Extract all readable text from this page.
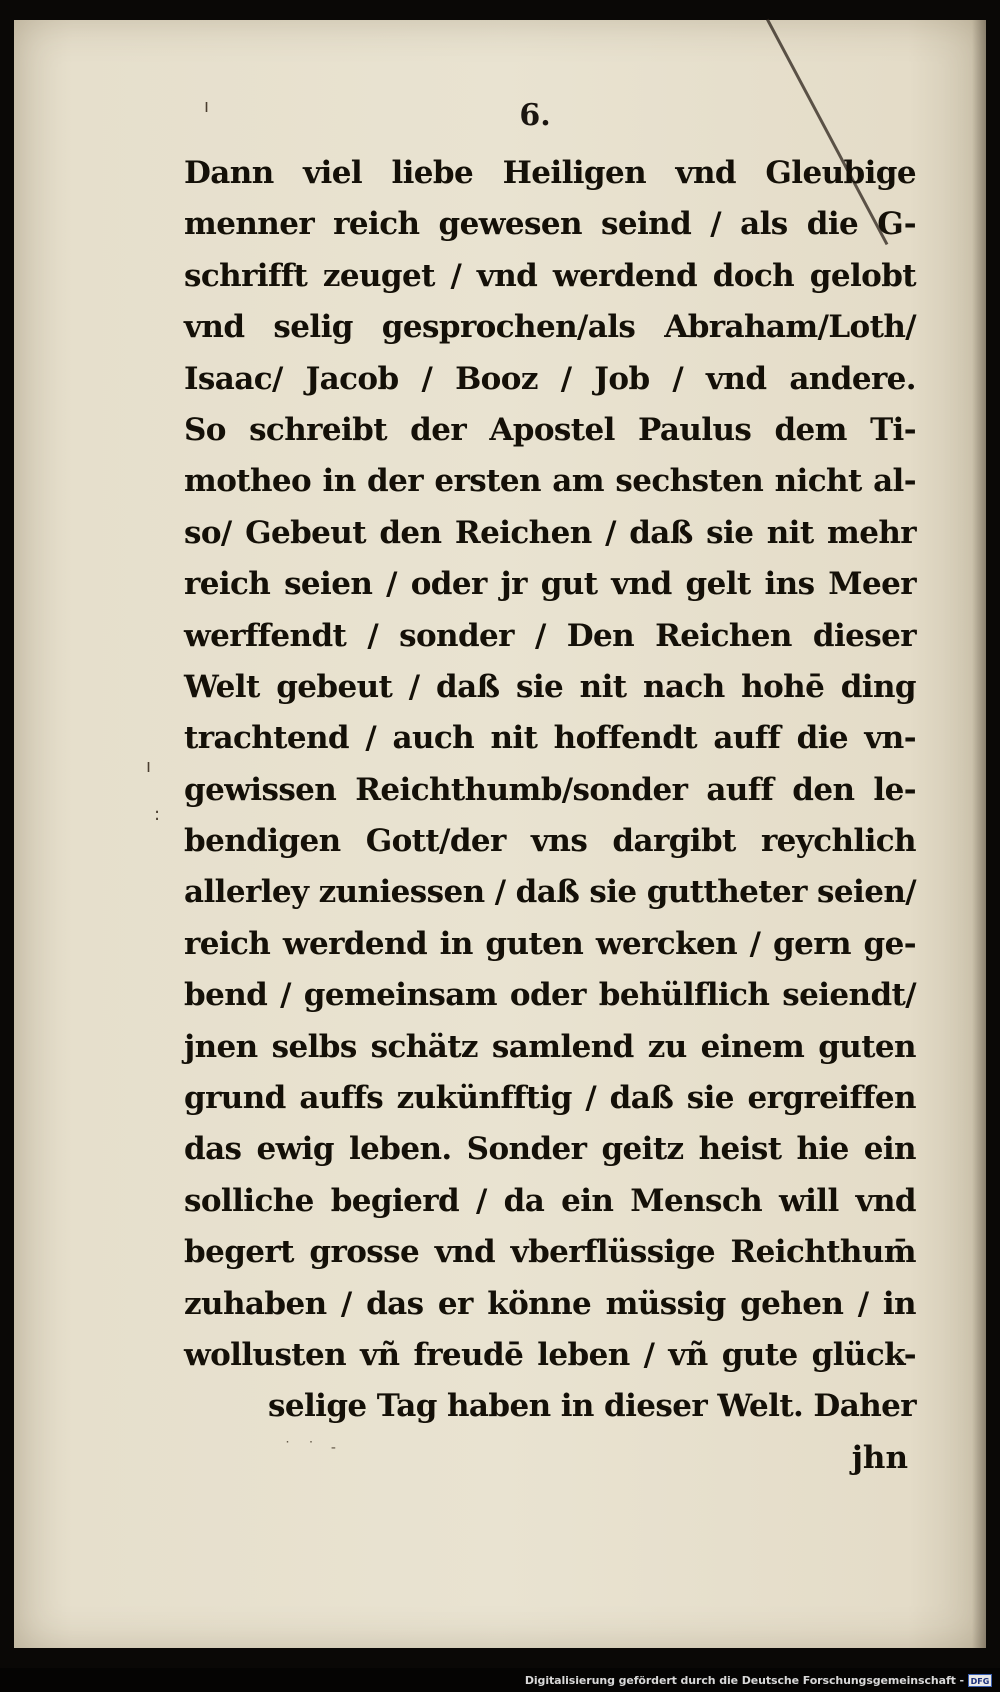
6.
ı
ı
:
Dann viel liebe Heiligen vnd Gleubige
menner reich gewesen seind / als die G-
schrifft zeuget / vnd werdend doch gelobt
vnd selig gesprochen/als Abraham/Loth/
Isaac/ Jacob / Booz / Job / vnd andere.
So schreibt der Apostel Paulus dem Ti-
motheo in der ersten am sechsten nicht al-
so/ Gebeut den Reichen / daß sie nit mehr
reich seien / oder jr gut vnd gelt ins Meer
werffendt / sonder / Den Reichen dieser
Welt gebeut / daß sie nit nach hohē ding
trachtend / auch nit hoffendt auff die vn-
gewissen Reichthumb/sonder auff den le-
bendigen Gott/der vns dargibt reychlich
allerley zuniessen / daß sie guttheter seien/
reich werdend in guten wercken / gern ge-
bend / gemeinsam oder behülflich seiendt/
jnen selbs schätz samlend zu einem guten
grund auffs zukünfftig / daß sie ergreiffen
das ewig leben. Sonder geitz heist hie ein
solliche begierd / da ein Mensch will vnd
begert grosse vnd vberflüssige Reichthum̄
zuhaben / das er könne müssig gehen / in
wollusten vñ freudē leben / vñ gute glück-
selige Tag haben in dieser Welt. Daher
˙ ˙ -	jhn
Digitalisierung gefördert durch die Deutsche Forschungsgemeinschaft - DFG
